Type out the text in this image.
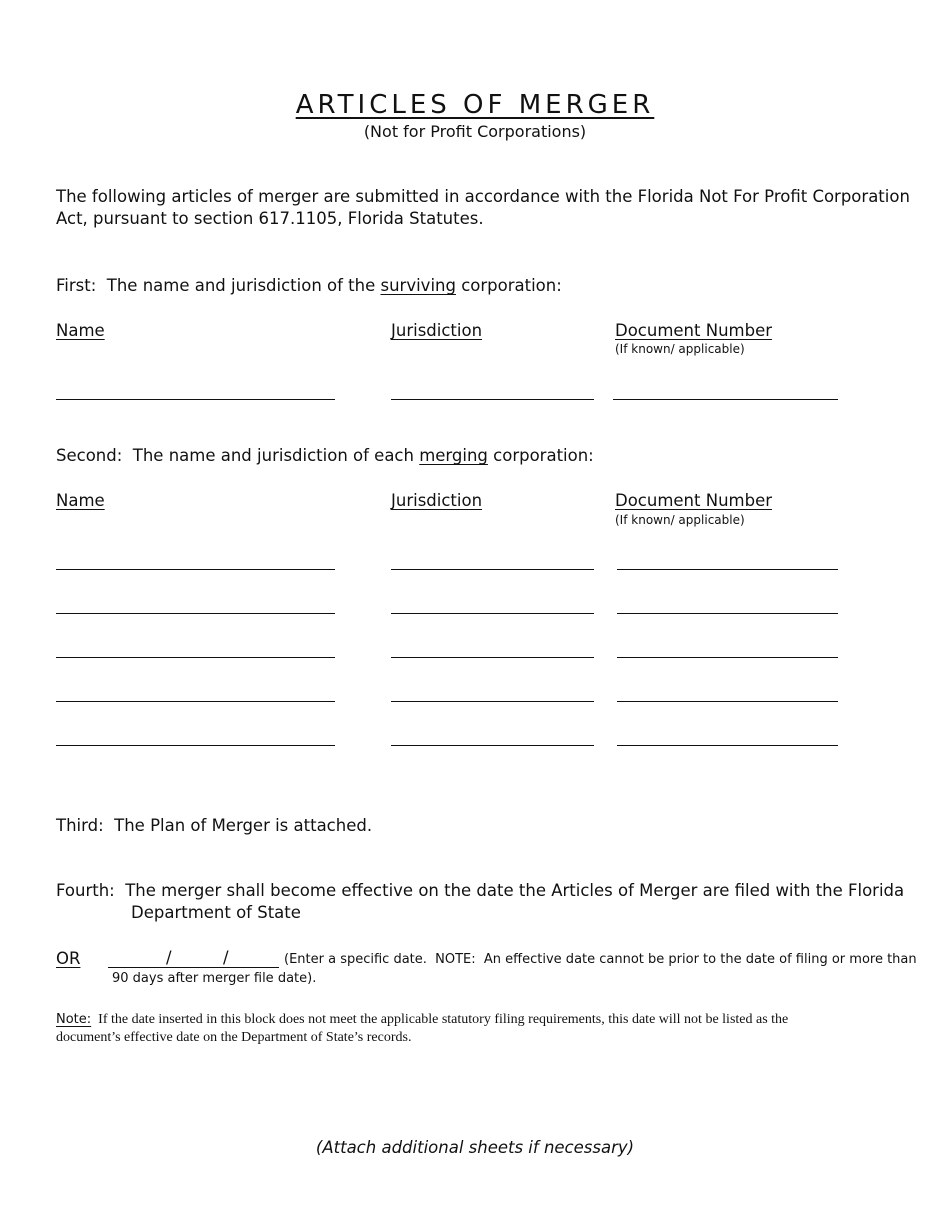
ARTICLES OF MERGER
(Not for Profit Corporations)
The following articles of merger are submitted in accordance with the Florida Not For Profit Corporation
Act, pursuant to section 617.1105, Florida Statutes.
First:  The name and jurisdiction of the surviving corporation:
Name	Jurisdiction	Document Number
(If known/ applicable)
Second:  The name and jurisdiction of each merging corporation:
Name	Jurisdiction	Document Number
(If known/ applicable)
Third:  The Plan of Merger is attached.
Fourth:  The merger shall become effective on the date the Articles of Merger are filed with the Florida
Department of State
OR	/	/	(Enter a specific date.  NOTE:  An effective date cannot be prior to the date of filing or more than
90 days after merger file date).
Note:  If the date inserted in this block does not meet the applicable statutory filing requirements, this date will not be listed as the
document’s effective date on the Department of State’s records.
(Attach additional sheets if necessary)
